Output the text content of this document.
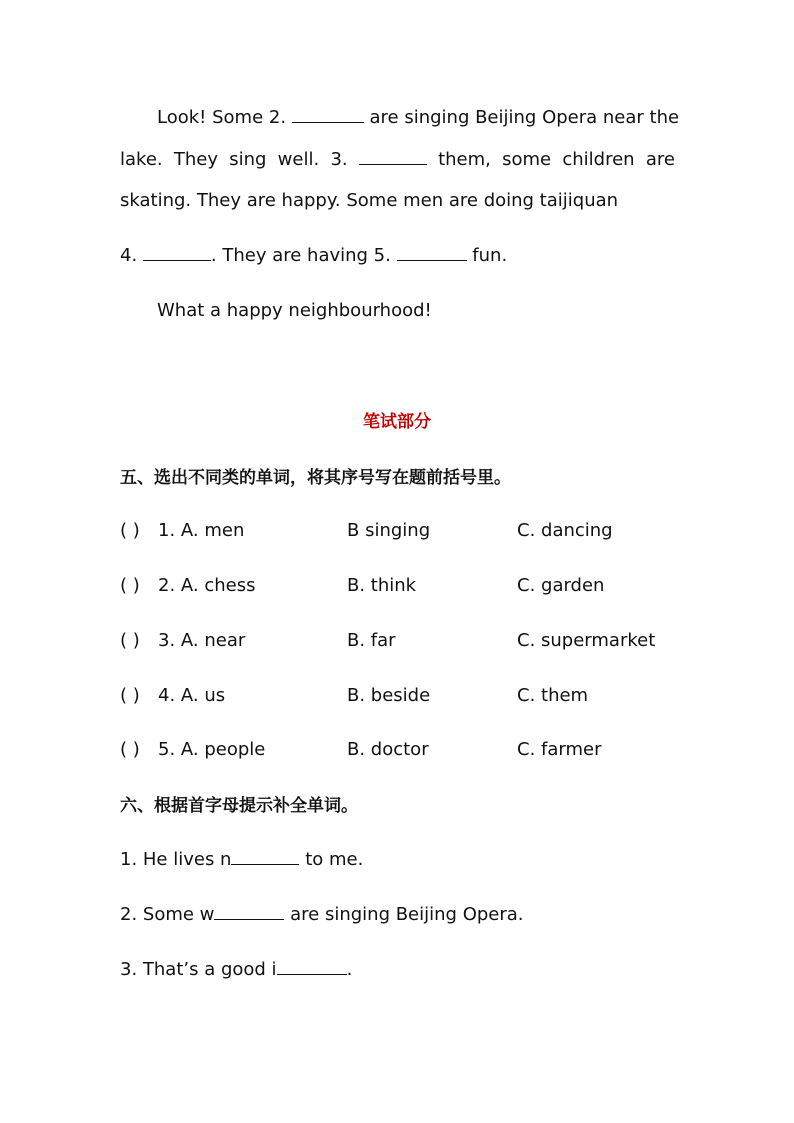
Look! Some 2.	are singing Beijing Opera near the
lake. They sing well. 3.	them, some children are
skating. They are happy. Some men are doing taijiquan
4.	. They are having 5.	fun.
What a happy neighbourhood!
笔试部分
五、选出不同类的单词，将其序号写在题前括号里。
( ) 1. A. men	B singing	C. dancing
( ) 2. A. chess	B. think	C. garden
( ) 3. A. near	B. far	C. supermarket
( ) 4. A. us	B. beside	C. them
( ) 5. A. people	B. doctor	C. farmer
六、根据首字母提示补全单词。
1. He lives n	to me.
2. Some w	are singing Beijing Opera.
3. That’s a good i	.
